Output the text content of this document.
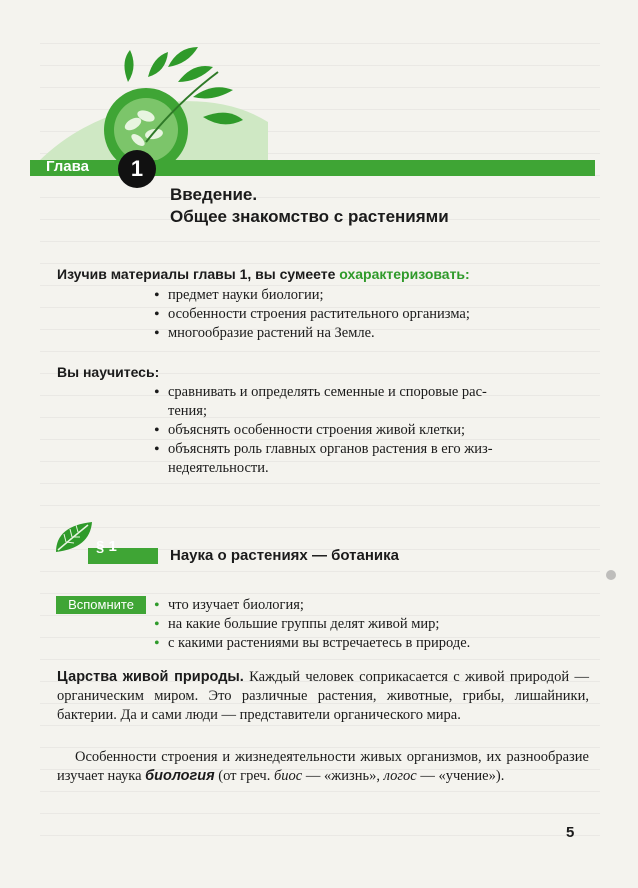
Глава	1
Введение.
Общее знакомство с растениями
Изучив материалы главы 1, вы сумеете охарактеризовать:
• предмет науки биологии;
• особенности строения растительного организма;
• многообразие растений на Земле.
Вы научитесь:
• сравнивать и определять семенные и споровые рас-
тения;
• объяснять особенности строения живой клетки;
• объяснять роль главных органов растения в его жиз-
недеятельности.
§ 1
Наука о растениях — ботаника
Вспомните
•	что изучает биология;
• на какие большие группы делят живой мир;
• с какими растениями вы встречаетесь в природе.
Царства живой природы. Каждый человек соприкасается с живой природой — органическим миром. Это различные растения, животные, грибы, лишайники, бактерии. Да и сами люди — представители органического мира.
Особенности строения и жизнедеятельности живых организмов, их разнообразие изучает наука биология (от греч. биос — «жизнь», логос — «учение»).
5
